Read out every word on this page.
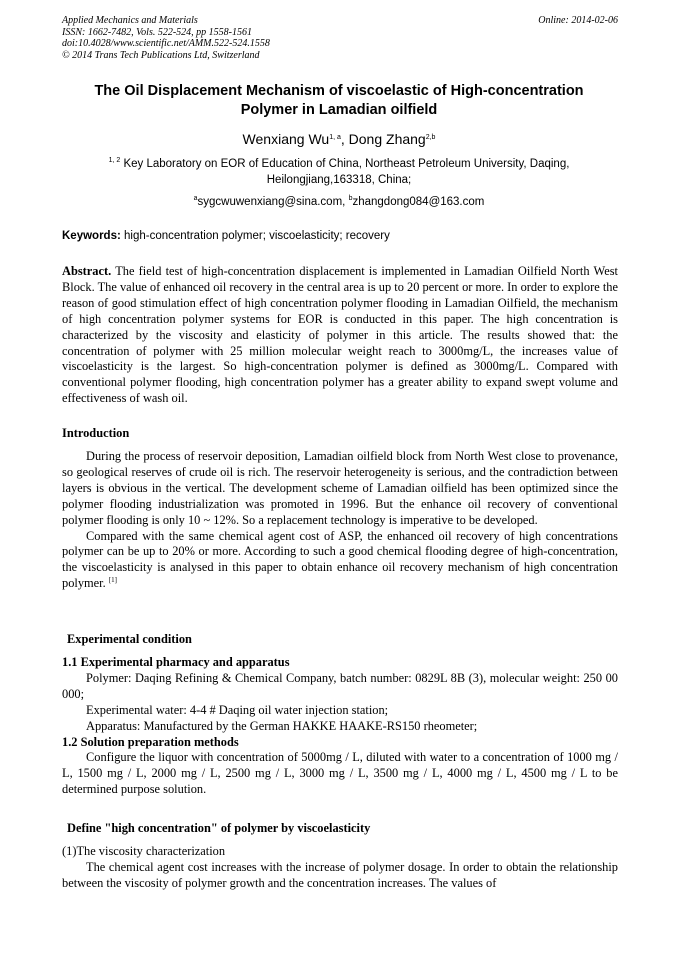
Applied Mechanics and Materials
ISSN: 1662-7482, Vols. 522-524, pp 1558-1561
doi:10.4028/www.scientific.net/AMM.522-524.1558
© 2014 Trans Tech Publications Ltd, Switzerland
Online: 2014-02-06
The Oil Displacement Mechanism of viscoelastic of High-concentration
Polymer in Lamadian oilfield
Wenxiang Wu$^{1, a}$, Dong Zhang$^{2,b}$
$^{1, 2}$ Key Laboratory on EOR of Education of China, Northeast Petroleum University, Daqing,
Heilongjiang,163318, China;
$^a$sygcwuwenxiang@sina.com, $^b$zhangdong084@163.com
Keywords: high-concentration polymer; viscoelasticity; recovery
Abstract. The field test of high-concentration displacement is implemented in Lamadian Oilfield North West Block. The value of enhanced oil recovery in the central area is up to 20 percent or more. In order to explore the reason of good stimulation effect of high concentration polymer flooding in Lamadian Oilfield, the mechanism of high concentration polymer systems for EOR is conducted in this paper. The high concentration is characterized by the viscosity and elasticity of polymer in this article. The results showed that: the concentration of polymer with 25 million molecular weight reach to 3000mg/L, the increases value of viscoelasticity is the largest. So high-concentration polymer is defined as 3000mg/L. Compared with conventional polymer flooding, high concentration polymer has a greater ability to expand swept volume and effectiveness of wash oil.
Introduction

During the process of reservoir deposition, Lamadian oilfield block from North West close to provenance, so geological reserves of crude oil is rich. The reservoir heterogeneity is serious, and the contradiction between layers is obvious in the vertical. The development scheme of Lamadian oilfield has been optimized since the polymer flooding industrialization was promoted in 1996. But the enhance oil recovery of conventional polymer flooding is only 10 ~ 12%. So a replacement technology is imperative to be developed.

Compared with the same chemical agent cost of ASP, the enhanced oil recovery of high concentrations polymer can be up to 20% or more. According to such a good chemical flooding degree of high-concentration, the viscoelasticity is analysed in this paper to obtain enhance oil recovery mechanism of high concentration polymer. [1]

Experimental condition

1.1 Experimental pharmacy and apparatus

Polymer: Daqing Refining & Chemical Company, batch number: 0829L 8B (3), molecular weight: 250 00 000;

Experimental water: 4-4 # Daqing oil water injection station;

Apparatus: Manufactured by the German HAKKE HAAKE-RS150 rheometer;

1.2 Solution preparation methods

Configure the liquor with concentration of 5000mg / L, diluted with water to a concentration of 1000 mg / L, 1500 mg / L, 2000 mg / L, 2500 mg / L, 3000 mg / L, 3500 mg / L, 4000 mg / L, 4500 mg / L to be determined purpose solution.

Define "high concentration" of polymer by viscoelasticity

(1)The viscosity characterization

The chemical agent cost increases with the increase of polymer dosage. In order to obtain the relationship between the viscosity of polymer growth and the concentration increases. The values of
